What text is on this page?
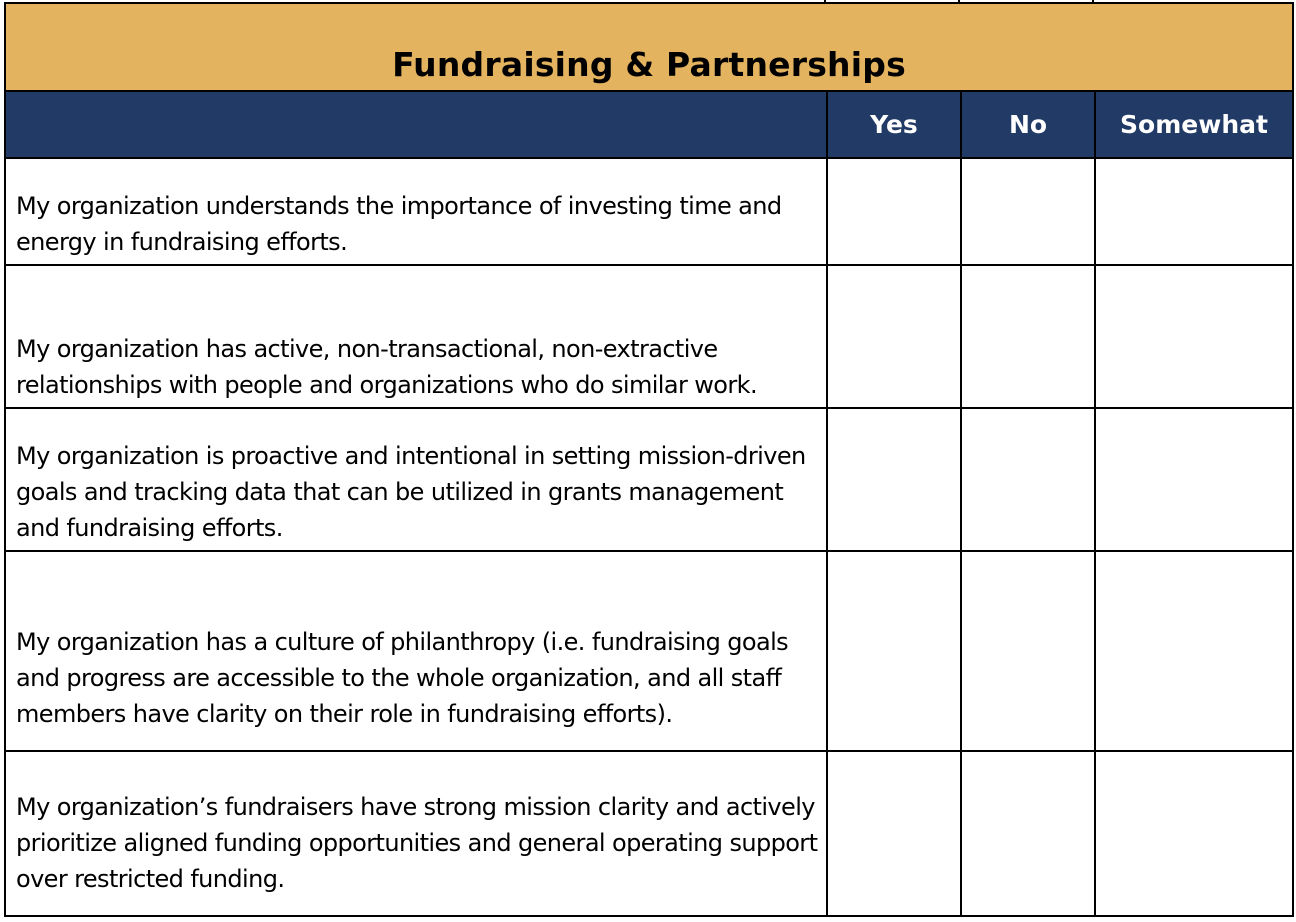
Fundraising & Partnerships
Yes	No	Somewhat
My organization understands the importance of investing time and energy in fundraising efforts.
My organization has active, non-transactional, non-extractive relationships with people and organizations who do similar work.
My organization is proactive and intentional in setting mission-driven goals and tracking data that can be utilized in grants management and fundraising efforts.
My organization has a culture of philanthropy (i.e. fundraising goals and progress are accessible to the whole organization, and all staff members have clarity on their role in fundraising efforts).
My organization’s fundraisers have strong mission clarity and actively prioritize aligned funding opportunities and general operating support over restricted funding.
